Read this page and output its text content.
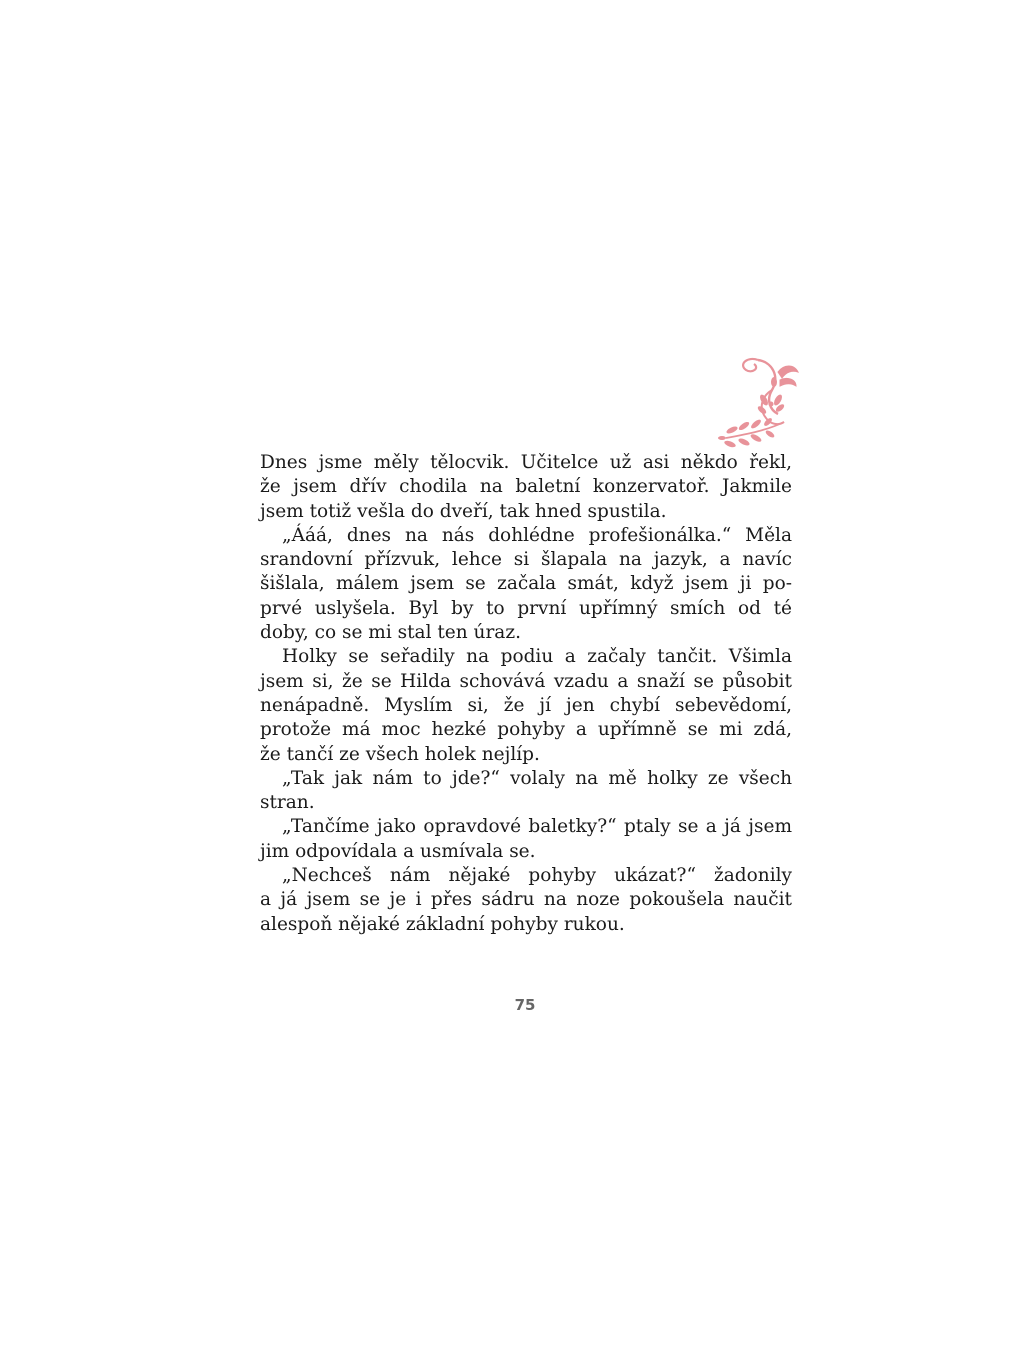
Dnes jsme měly tělocvik. Učitelce už asi někdo řekl,

že jsem dřív chodila na baletní konzervatoř. Jakmile

jsem totiž vešla do dveří, tak hned spustila.

„Ááá, dnes na nás dohlédne profešionálka.“ Měla

srandovní přízvuk, lehce si šlapala na jazyk, a navíc

šišlala, málem jsem se začala smát, když jsem ji po-

prvé uslyšela. Byl by to první upřímný smích od té

doby, co se mi stal ten úraz.

Holky se seřadily na podiu a začaly tančit. Všimla

jsem si, že se Hilda schovává vzadu a snaží se působit

nenápadně. Myslím si, že jí jen chybí sebevědomí,

protože má moc hezké pohyby a upřímně se mi zdá,

že tančí ze všech holek nejlíp.

„Tak jak nám to jde?“ volaly na mě holky ze všech

stran.

„Tančíme jako opravdové baletky?“ ptaly se a já jsem

jim odpovídala a usmívala se.

„Nechceš nám nějaké pohyby ukázat?“ žadonily

a já jsem se je i přes sádru na noze pokoušela naučit

alespoň nějaké základní pohyby rukou.

75
